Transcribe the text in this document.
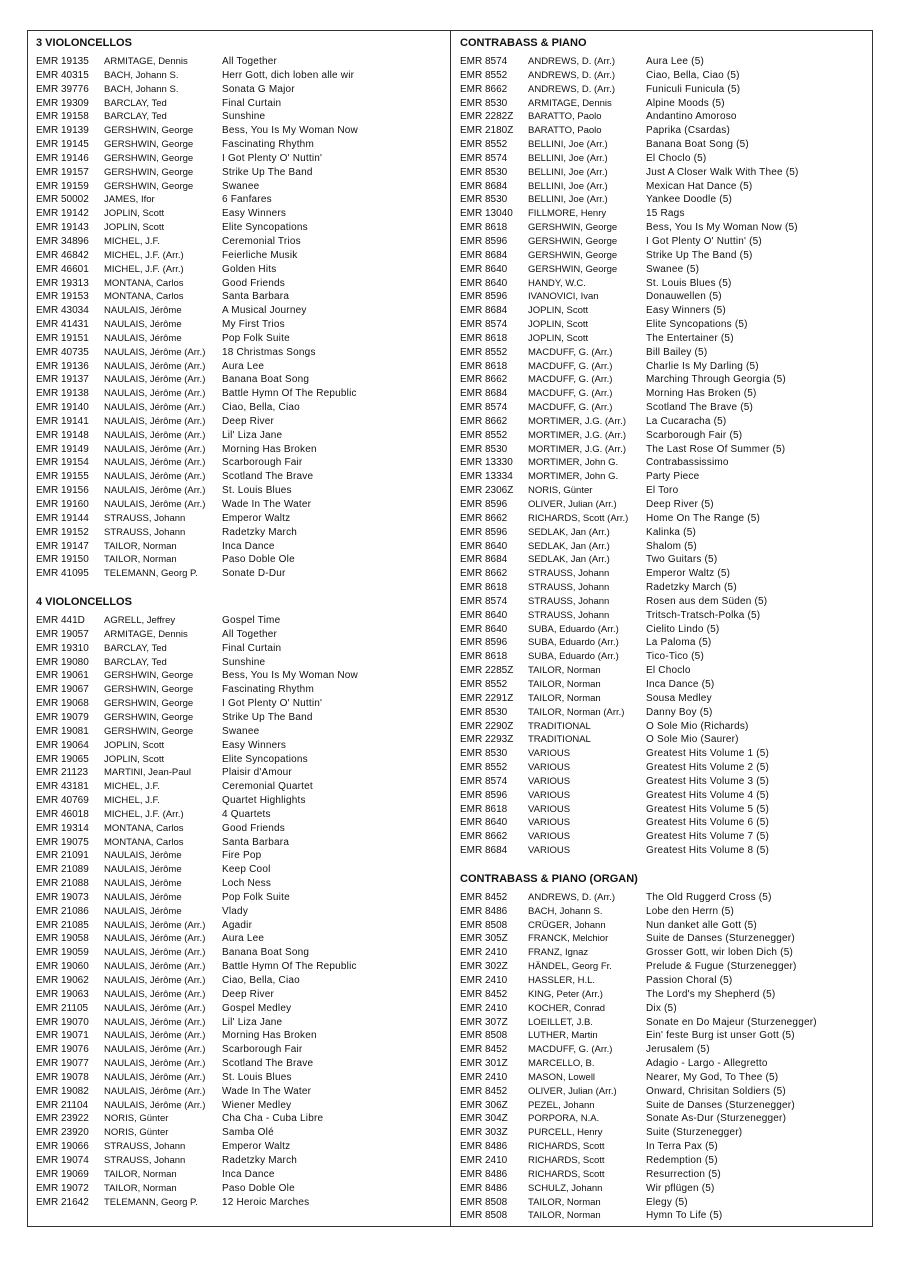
3 VIOLONCELLOS
EMR 19135	ARMITAGE, Dennis	All Together
EMR 40315	BACH, Johann S.	Herr Gott, dich loben alle wir
EMR 39776	BACH, Johann S.	Sonata G Major
EMR 19309	BARCLAY, Ted	Final Curtain
EMR 19158	BARCLAY, Ted	Sunshine
EMR 19139	GERSHWIN, George	Bess, You Is My Woman Now
EMR 19145	GERSHWIN, George	Fascinating Rhythm
EMR 19146	GERSHWIN, George	I Got Plenty O' Nuttin'
EMR 19157	GERSHWIN, George	Strike Up The Band
EMR 19159	GERSHWIN, George	Swanee
EMR 50002	JAMES, Ifor	6 Fanfares
EMR 19142	JOPLIN, Scott	Easy Winners
EMR 19143	JOPLIN, Scott	Elite Syncopations
EMR 34896	MICHEL, J.F.	Ceremonial Trios
EMR 46842	MICHEL, J.F. (Arr.)	Feierliche Musik
EMR 46601	MICHEL, J.F. (Arr.)	Golden Hits
EMR 19313	MONTANA, Carlos	Good Friends
EMR 19153	MONTANA, Carlos	Santa Barbara
EMR 43034	NAULAIS, Jérôme	A Musical Journey
EMR 41431	NAULAIS, Jérôme	My First Trios
EMR 19151	NAULAIS, Jérôme	Pop Folk Suite
EMR 40735	NAULAIS, Jérôme (Arr.)	18 Christmas Songs
EMR 19136	NAULAIS, Jérôme (Arr.)	Aura Lee
EMR 19137	NAULAIS, Jérôme (Arr.)	Banana Boat Song
EMR 19138	NAULAIS, Jérôme (Arr.)	Battle Hymn Of The Republic
EMR 19140	NAULAIS, Jérôme (Arr.)	Ciao, Bella, Ciao
EMR 19141	NAULAIS, Jérôme (Arr.)	Deep River
EMR 19148	NAULAIS, Jérôme (Arr.)	Lil' Liza Jane
EMR 19149	NAULAIS, Jérôme (Arr.)	Morning Has Broken
EMR 19154	NAULAIS, Jérôme (Arr.)	Scarborough Fair
EMR 19155	NAULAIS, Jérôme (Arr.)	Scotland The Brave
EMR 19156	NAULAIS, Jérôme (Arr.)	St. Louis Blues
EMR 19160	NAULAIS, Jérôme (Arr.)	Wade In The Water
EMR 19144	STRAUSS, Johann	Emperor Waltz
EMR 19152	STRAUSS, Johann	Radetzky March
EMR 19147	TAILOR, Norman	Inca Dance
EMR 19150	TAILOR, Norman	Paso Doble Ole
EMR 41095	TELEMANN, Georg P.	Sonate D-Dur
4 VIOLONCELLOS
EMR 441D	AGRELL, Jeffrey	Gospel Time
EMR 19057	ARMITAGE, Dennis	All Together
EMR 19310	BARCLAY, Ted	Final Curtain
EMR 19080	BARCLAY, Ted	Sunshine
EMR 19061	GERSHWIN, George	Bess, You Is My Woman Now
EMR 19067	GERSHWIN, George	Fascinating Rhythm
EMR 19068	GERSHWIN, George	I Got Plenty O' Nuttin'
EMR 19079	GERSHWIN, George	Strike Up The Band
EMR 19081	GERSHWIN, George	Swanee
EMR 19064	JOPLIN, Scott	Easy Winners
EMR 19065	JOPLIN, Scott	Elite Syncopations
EMR 21123	MARTINI, Jean-Paul	Plaisir d'Amour
EMR 43181	MICHEL, J.F.	Ceremonial Quartet
EMR 40769	MICHEL, J.F.	Quartet Highlights
EMR 46018	MICHEL, J.F. (Arr.)	4 Quartets
EMR 19314	MONTANA, Carlos	Good Friends
EMR 19075	MONTANA, Carlos	Santa Barbara
EMR 21091	NAULAIS, Jérôme	Fire Pop
EMR 21089	NAULAIS, Jérôme	Keep Cool
EMR 21088	NAULAIS, Jérôme	Loch Ness
EMR 19073	NAULAIS, Jérôme	Pop Folk Suite
EMR 21086	NAULAIS, Jérôme	Vladу
EMR 21085	NAULAIS, Jérôme (Arr.)	Agadir
EMR 19058	NAULAIS, Jérôme (Arr.)	Aura Lee
EMR 19059	NAULAIS, Jérôme (Arr.)	Banana Boat Song
EMR 19060	NAULAIS, Jérôme (Arr.)	Battle Hymn Of The Republic
EMR 19062	NAULAIS, Jérôme (Arr.)	Ciao, Bella, Ciao
EMR 19063	NAULAIS, Jérôme (Arr.)	Deep River
EMR 21105	NAULAIS, Jérôme (Arr.)	Gospel Medley
EMR 19070	NAULAIS, Jérôme (Arr.)	Lil' Liza Jane
EMR 19071	NAULAIS, Jérôme (Arr.)	Morning Has Broken
EMR 19076	NAULAIS, Jérôme (Arr.)	Scarborough Fair
EMR 19077	NAULAIS, Jérôme (Arr.)	Scotland The Brave
EMR 19078	NAULAIS, Jérôme (Arr.)	St. Louis Blues
EMR 19082	NAULAIS, Jérôme (Arr.)	Wade In The Water
EMR 21104	NAULAIS, Jérôme (Arr.)	Wiener Medley
EMR 23922	NORIS, Günter	Cha Cha - Cuba Libre
EMR 23920	NORIS, Günter	Samba Olé
EMR 19066	STRAUSS, Johann	Emperor Waltz
EMR 19074	STRAUSS, Johann	Radetzky March
EMR 19069	TAILOR, Norman	Inca Dance
EMR 19072	TAILOR, Norman	Paso Doble Ole
EMR 21642	TELEMANN, Georg P.	12 Heroic Marches
CONTRABASS & PIANO
EMR 8574	ANDREWS, D. (Arr.)	Aura Lee (5)
EMR 8552	ANDREWS, D. (Arr.)	Ciao, Bella, Ciao (5)
EMR 8662	ANDREWS, D. (Arr.)	Funiculi Funicula (5)
EMR 8530	ARMITAGE, Dennis	Alpine Moods (5)
EMR 2282Z	BARATTO, Paolo	Andantino Amoroso
EMR 2180Z	BARATTO, Paolo	Paprika (Csardas)
EMR 8552	BELLINI, Joe (Arr.)	Banana Boat Song (5)
EMR 8574	BELLINI, Joe (Arr.)	El Choclo (5)
EMR 8530	BELLINI, Joe (Arr.)	Just A Closer Walk With Thee (5)
EMR 8684	BELLINI, Joe (Arr.)	Mexican Hat Dance (5)
EMR 8530	BELLINI, Joe (Arr.)	Yankee Doodle (5)
EMR 13040	FILLMORE, Henry	15 Rags
EMR 8618	GERSHWIN, George	Bess, You Is My Woman Now (5)
EMR 8596	GERSHWIN, George	I Got Plenty O' Nuttin' (5)
EMR 8684	GERSHWIN, George	Strike Up The Band (5)
EMR 8640	GERSHWIN, George	Swanee (5)
EMR 8640	HANDY, W.C.	St. Louis Blues (5)
EMR 8596	IVANOVICI, Ivan	Donauwellen (5)
EMR 8684	JOPLIN, Scott	Easy Winners (5)
EMR 8574	JOPLIN, Scott	Elite Syncopations (5)
EMR 8618	JOPLIN, Scott	The Entertainer (5)
EMR 8552	MACDUFF, G. (Arr.)	Bill Bailey (5)
EMR 8618	MACDUFF, G. (Arr.)	Charlie Is My Darling (5)
EMR 8662	MACDUFF, G. (Arr.)	Marching Through Georgia (5)
EMR 8684	MACDUFF, G. (Arr.)	Morning Has Broken (5)
EMR 8574	MACDUFF, G. (Arr.)	Scotland The Brave (5)
EMR 8662	MORTIMER, J.G. (Arr.)	La Cucaracha (5)
EMR 8552	MORTIMER, J.G. (Arr.)	Scarborough Fair (5)
EMR 8530	MORTIMER, J.G. (Arr.)	The Last Rose Of Summer (5)
EMR 13330	MORTIMER, John G.	Contrabassissimo
EMR 13334	MORTIMER, John G.	Party Piece
EMR 2306Z	NORIS, Günter	El Toro
EMR 8596	OLIVER, Julian (Arr.)	Deep River (5)
EMR 8662	RICHARDS, Scott (Arr.)	Home On The Range (5)
EMR 8596	SEDLAK, Jan (Arr.)	Kalinka (5)
EMR 8640	SEDLAK, Jan (Arr.)	Shalom (5)
EMR 8684	SEDLAK, Jan (Arr.)	Two Guitars (5)
EMR 8662	STRAUSS, Johann	Emperor Waltz (5)
EMR 8618	STRAUSS, Johann	Radetzky March (5)
EMR 8574	STRAUSS, Johann	Rosen aus dem Süden (5)
EMR 8640	STRAUSS, Johann	Tritsch-Tratsch-Polka (5)
EMR 8640	SUBA, Eduardo (Arr.)	Cielito Lindo (5)
EMR 8596	SUBA, Eduardo (Arr.)	La Paloma (5)
EMR 8618	SUBA, Eduardo (Arr.)	Tico-Tico (5)
EMR 2285Z	TAILOR, Norman	El Choclo
EMR 8552	TAILOR, Norman	Inca Dance (5)
EMR 2291Z	TAILOR, Norman	Sousa Medley
EMR 8530	TAILOR, Norman (Arr.)	Danny Boy (5)
EMR 2290Z	TRADITIONAL	O Sole Mio (Richards)
EMR 2293Z	TRADITIONAL	O Sole Mio (Saurer)
EMR 8530	VARIOUS	Greatest Hits Volume 1 (5)
EMR 8552	VARIOUS	Greatest Hits Volume 2 (5)
EMR 8574	VARIOUS	Greatest Hits Volume 3 (5)
EMR 8596	VARIOUS	Greatest Hits Volume 4 (5)
EMR 8618	VARIOUS	Greatest Hits Volume 5 (5)
EMR 8640	VARIOUS	Greatest Hits Volume 6 (5)
EMR 8662	VARIOUS	Greatest Hits Volume 7 (5)
EMR 8684	VARIOUS	Greatest Hits Volume 8 (5)
CONTRABASS & PIANO (ORGAN)
EMR 8452	ANDREWS, D. (Arr.)	The Old Ruggerd Cross (5)
EMR 8486	BACH, Johann S.	Lobe den Herrn (5)
EMR 8508	CRÜGER, Johann	Nun danket alle Gott (5)
EMR 305Z	FRANCK, Melchior	Suite de Danses (Sturzenegger)
EMR 2410	FRANZ, Ignaz	Grosser Gott, wir loben Dich (5)
EMR 302Z	HÄNDEL, Georg Fr.	Prelude & Fugue (Sturzenegger)
EMR 2410	HASSLER, H.L.	Passion Choral (5)
EMR 8452	KING, Peter (Arr.)	The Lord's my Shepherd (5)
EMR 2410	KOCHER, Conrad	Dix (5)
EMR 307Z	LOEILLET, J.B.	Sonate en Do Majeur (Sturzenegger)
EMR 8508	LUTHER, Martin	Ein' feste Burg ist unser Gott (5)
EMR 8452	MACDUFF, G. (Arr.)	Jerusalem (5)
EMR 301Z	MARCELLO, B.	Adagio - Largo - Allegretto
EMR 2410	MASON, Lowell	Nearer, My God, To Thee (5)
EMR 8452	OLIVER, Julian (Arr.)	Onward, Chrisitan Soldiers (5)
EMR 306Z	PEZEL, Johann	Suite de Danses (Sturzenegger)
EMR 304Z	PORPORA, N.A.	Sonate As-Dur (Sturzenegger)
EMR 303Z	PURCELL, Henry	Suite (Sturzenegger)
EMR 8486	RICHARDS, Scott	In Terra Pax (5)
EMR 2410	RICHARDS, Scott	Redemption (5)
EMR 8486	RICHARDS, Scott	Resurrection (5)
EMR 8486	SCHULZ, Johann	Wir pflügen (5)
EMR 8508	TAILOR, Norman	Elegy (5)
EMR 8508	TAILOR, Norman	Hymn To Life (5)
